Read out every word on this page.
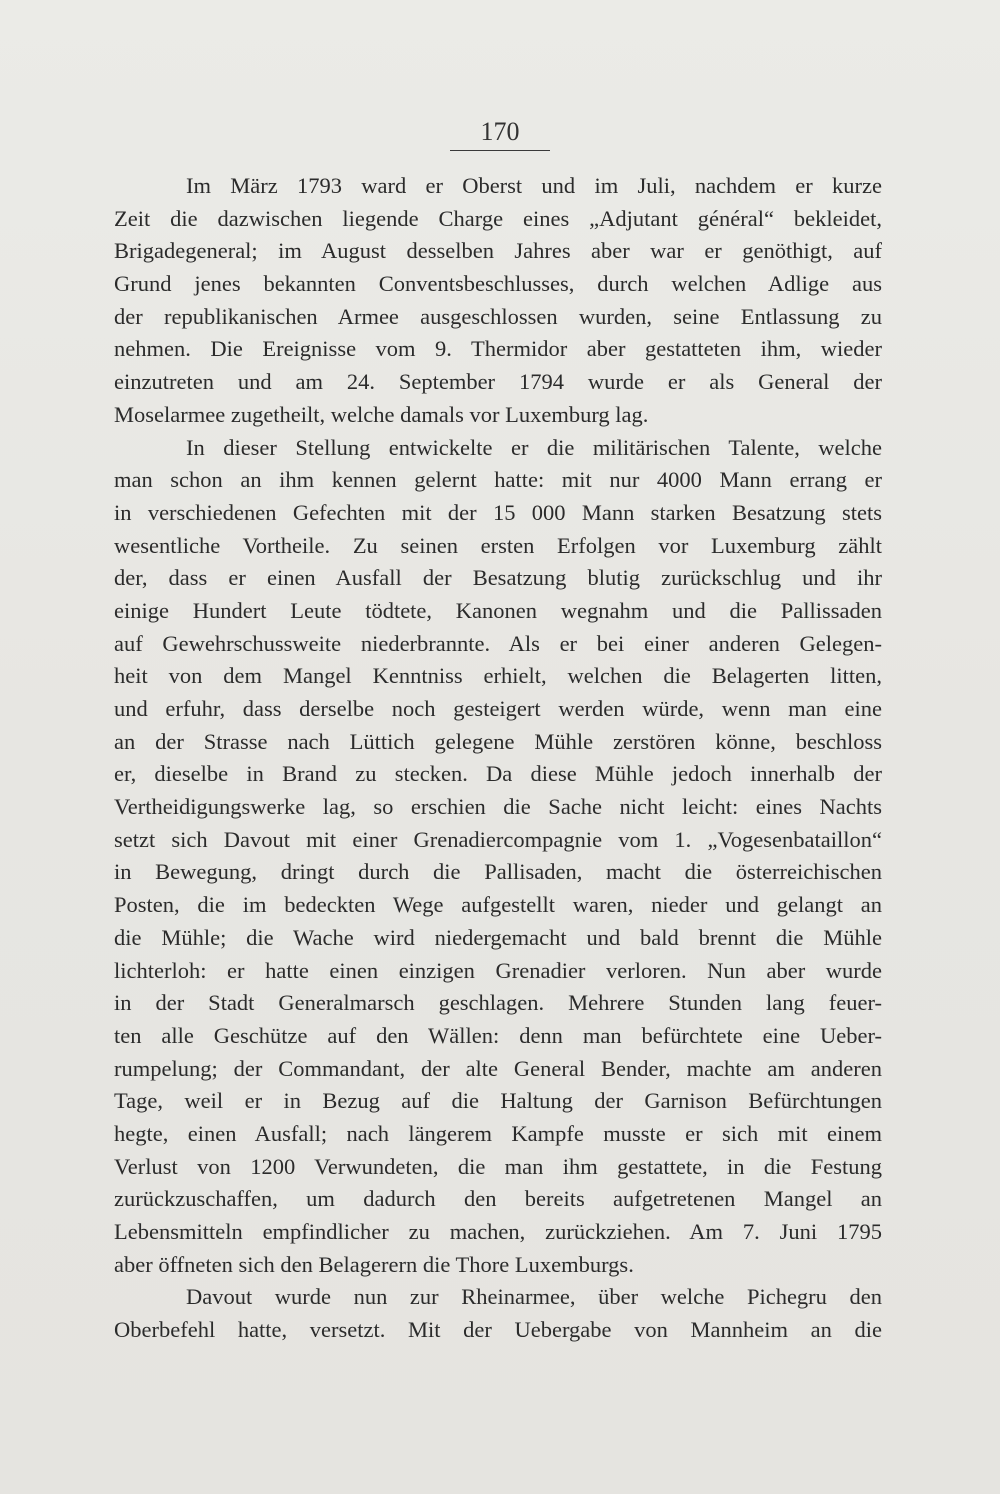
170
Im März 1793 ward er Oberst und im Juli, nachdem er kurze
Zeit die dazwischen liegende Charge eines „Adjutant général“ bekleidet,
Brigadegeneral; im August desselben Jahres aber war er genöthigt, auf
Grund jenes bekannten Conventsbeschlusses, durch welchen Adlige aus
der republikanischen Armee ausgeschlossen wurden, seine Entlassung zu
nehmen. Die Ereignisse vom 9. Thermidor aber gestatteten ihm, wieder
einzutreten und am 24. September 1794 wurde er als General der
Moselarmee zugetheilt, welche damals vor Luxemburg lag.
In dieser Stellung entwickelte er die militärischen Talente, welche
man schon an ihm kennen gelernt hatte: mit nur 4000 Mann errang er
in verschiedenen Gefechten mit der 15 000 Mann starken Besatzung stets
wesentliche Vortheile. Zu seinen ersten Erfolgen vor Luxemburg zählt
der, dass er einen Ausfall der Besatzung blutig zurückschlug und ihr
einige Hundert Leute tödtete, Kanonen wegnahm und die Pallissaden
auf Gewehrschussweite niederbrannte. Als er bei einer anderen Gelegen-
heit von dem Mangel Kenntniss erhielt, welchen die Belagerten litten,
und erfuhr, dass derselbe noch gesteigert werden würde, wenn man eine
an der Strasse nach Lüttich gelegene Mühle zerstören könne, beschloss
er, dieselbe in Brand zu stecken. Da diese Mühle jedoch innerhalb der
Vertheidigungswerke lag, so erschien die Sache nicht leicht: eines Nachts
setzt sich Davout mit einer Grenadiercompagnie vom 1. „Vogesenbataillon“
in Bewegung, dringt durch die Pallisaden, macht die österreichischen
Posten, die im bedeckten Wege aufgestellt waren, nieder und gelangt an
die Mühle; die Wache wird niedergemacht und bald brennt die Mühle
lichterloh: er hatte einen einzigen Grenadier verloren. Nun aber wurde
in der Stadt Generalmarsch geschlagen. Mehrere Stunden lang feuer-
ten alle Geschütze auf den Wällen: denn man befürchtete eine Ueber-
rumpelung; der Commandant, der alte General Bender, machte am anderen
Tage, weil er in Bezug auf die Haltung der Garnison Befürchtungen
hegte, einen Ausfall; nach längerem Kampfe musste er sich mit einem
Verlust von 1200 Verwundeten, die man ihm gestattete, in die Festung
zurückzuschaffen, um dadurch den bereits aufgetretenen Mangel an
Lebensmitteln empfindlicher zu machen, zurückziehen. Am 7. Juni 1795
aber öffneten sich den Belagerern die Thore Luxemburgs.
Davout wurde nun zur Rheinarmee, über welche Pichegru den
Oberbefehl hatte, versetzt. Mit der Uebergabe von Mannheim an die
